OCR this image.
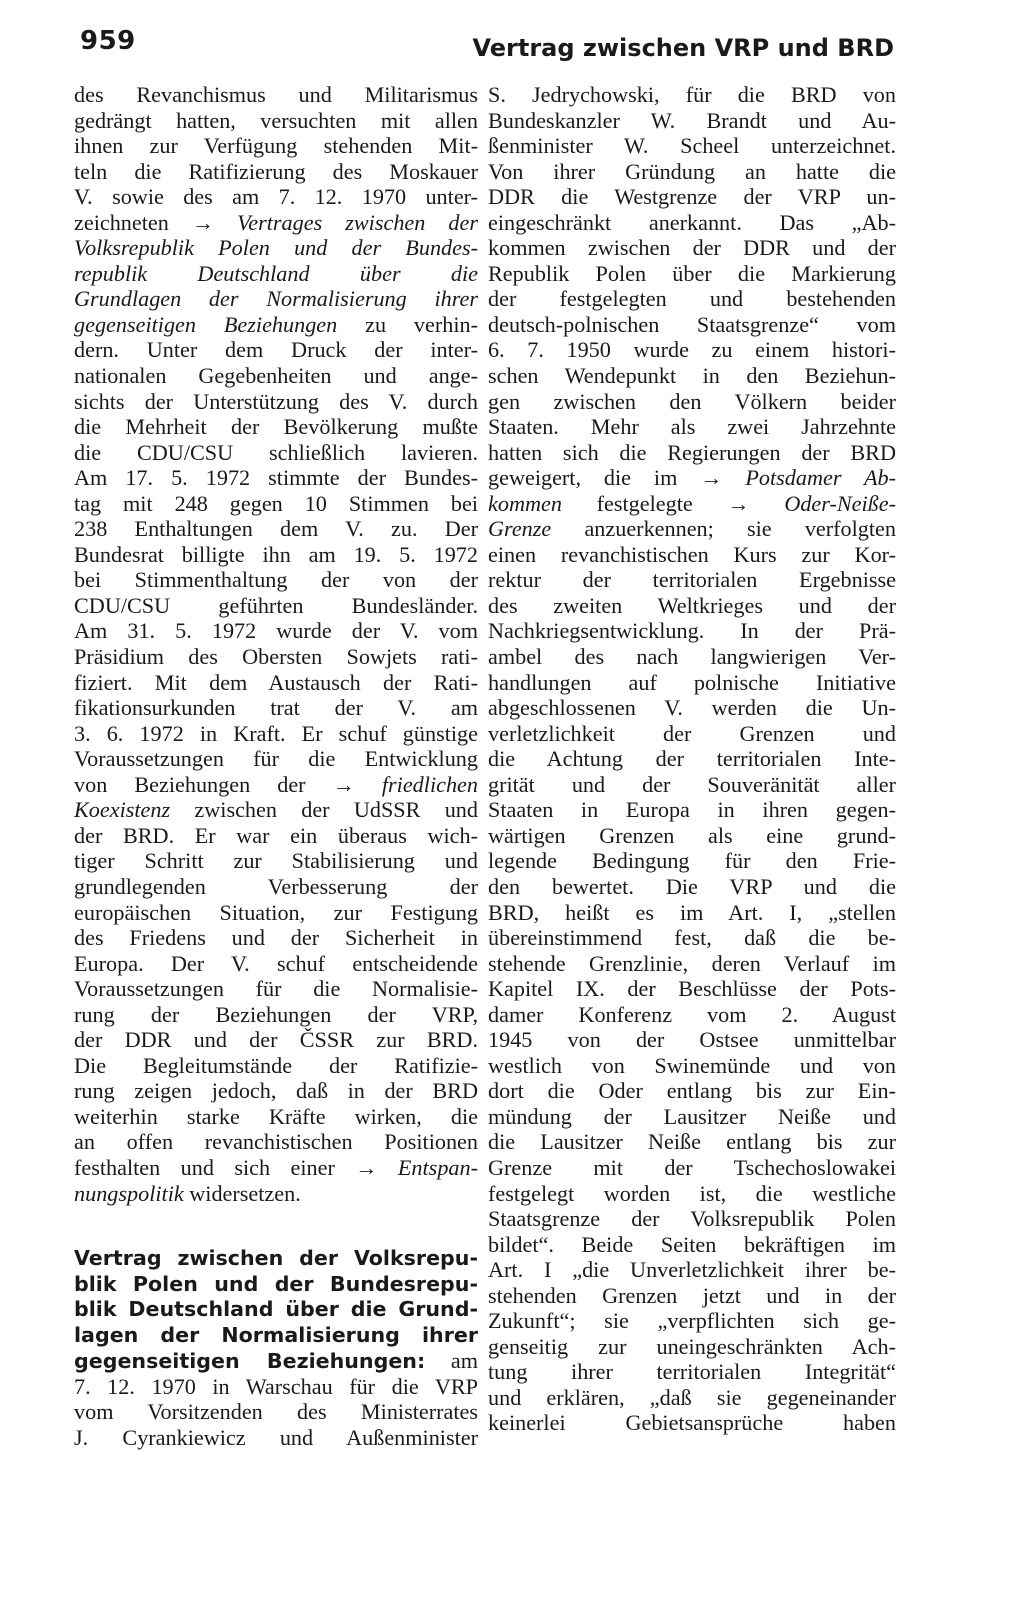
959	Vertrag zwischen VRP und BRD
des Revanchismus und Militarismus
gedrängt hatten, versuchten mit allen
ihnen zur Verfügung stehenden Mit-
teln die Ratifizierung des Moskauer
V. sowie des am 7. 12. 1970 unter-
zeichneten → Vertrages zwischen der
Volksrepublik Polen und der Bundes-
republik Deutschland über die
Grundlagen der Normalisierung ihrer
gegenseitigen Beziehungen zu verhin-
dern. Unter dem Druck der inter-
nationalen Gegebenheiten und ange-
sichts der Unterstützung des V. durch
die Mehrheit der Bevölkerung mußte
die CDU/CSU schließlich lavieren.
Am 17. 5. 1972 stimmte der Bundes-
tag mit 248 gegen 10 Stimmen bei
238 Enthaltungen dem V. zu. Der
Bundesrat billigte ihn am 19. 5. 1972
bei Stimmenthaltung der von der
CDU/CSU geführten Bundesländer.
Am 31. 5. 1972 wurde der V. vom
Präsidium des Obersten Sowjets rati-
fiziert. Mit dem Austausch der Rati-
fikationsurkunden trat der V. am
3. 6. 1972 in Kraft. Er schuf günstige
Voraussetzungen für die Entwicklung
von Beziehungen der → friedlichen
Koexistenz zwischen der UdSSR und
der BRD. Er war ein überaus wich-
tiger Schritt zur Stabilisierung und
grundlegenden Verbesserung der
europäischen Situation, zur Festigung
des Friedens und der Sicherheit in
Europa. Der V. schuf entscheidende
Voraussetzungen für die Normalisie-
rung der Beziehungen der VRP,
der DDR und der ČSSR zur BRD.
Die Begleitumstände der Ratifizie-
rung zeigen jedoch, daß in der BRD
weiterhin starke Kräfte wirken, die
an offen revanchistischen Positionen
festhalten und sich einer → Entspan-
nungspolitik widersetzen.
Vertrag zwischen der Volksrepu-
blik Polen und der Bundesrepu-
blik Deutschland über die Grund-
lagen der Normalisierung ihrer
gegenseitigen Beziehungen: am
7. 12. 1970 in Warschau für die VRP
vom Vorsitzenden des Ministerrates
J. Cyrankiewicz und Außenminister
S. Jedrychowski, für die BRD von
Bundeskanzler W. Brandt und Au-
ßenminister W. Scheel unterzeichnet.
Von ihrer Gründung an hatte die
DDR die Westgrenze der VRP un-
eingeschränkt anerkannt. Das „Ab-
kommen zwischen der DDR und der
Republik Polen über die Markierung
der festgelegten und bestehenden
deutsch-polnischen Staatsgrenze“ vom
6. 7. 1950 wurde zu einem histori-
schen Wendepunkt in den Beziehun-
gen zwischen den Völkern beider
Staaten. Mehr als zwei Jahrzehnte
hatten sich die Regierungen der BRD
geweigert, die im → Potsdamer Ab-
kommen festgelegte → Oder-Neiße-
Grenze anzuerkennen; sie verfolgten
einen revanchistischen Kurs zur Kor-
rektur der territorialen Ergebnisse
des zweiten Weltkrieges und der
Nachkriegsentwicklung. In der Prä-
ambel des nach langwierigen Ver-
handlungen auf polnische Initiative
abgeschlossenen V. werden die Un-
verletzlichkeit der Grenzen und
die Achtung der territorialen Inte-
grität und der Souveränität aller
Staaten in Europa in ihren gegen-
wärtigen Grenzen als eine grund-
legende Bedingung für den Frie-
den bewertet. Die VRP und die
BRD, heißt es im Art. I, „stellen
übereinstimmend fest, daß die be-
stehende Grenzlinie, deren Verlauf im
Kapitel IX. der Beschlüsse der Pots-
damer Konferenz vom 2. August
1945 von der Ostsee unmittelbar
westlich von Swinemünde und von
dort die Oder entlang bis zur Ein-
mündung der Lausitzer Neiße und
die Lausitzer Neiße entlang bis zur
Grenze mit der Tschechoslowakei
festgelegt worden ist, die westliche
Staatsgrenze der Volksrepublik Polen
bildet“. Beide Seiten bekräftigen im
Art. I „die Unverletzlichkeit ihrer be-
stehenden Grenzen jetzt und in der
Zukunft“; sie „verpflichten sich ge-
genseitig zur uneingeschränkten Ach-
tung ihrer territorialen Integrität“
und erklären, „daß sie gegeneinander
keinerlei Gebietsansprüche haben
